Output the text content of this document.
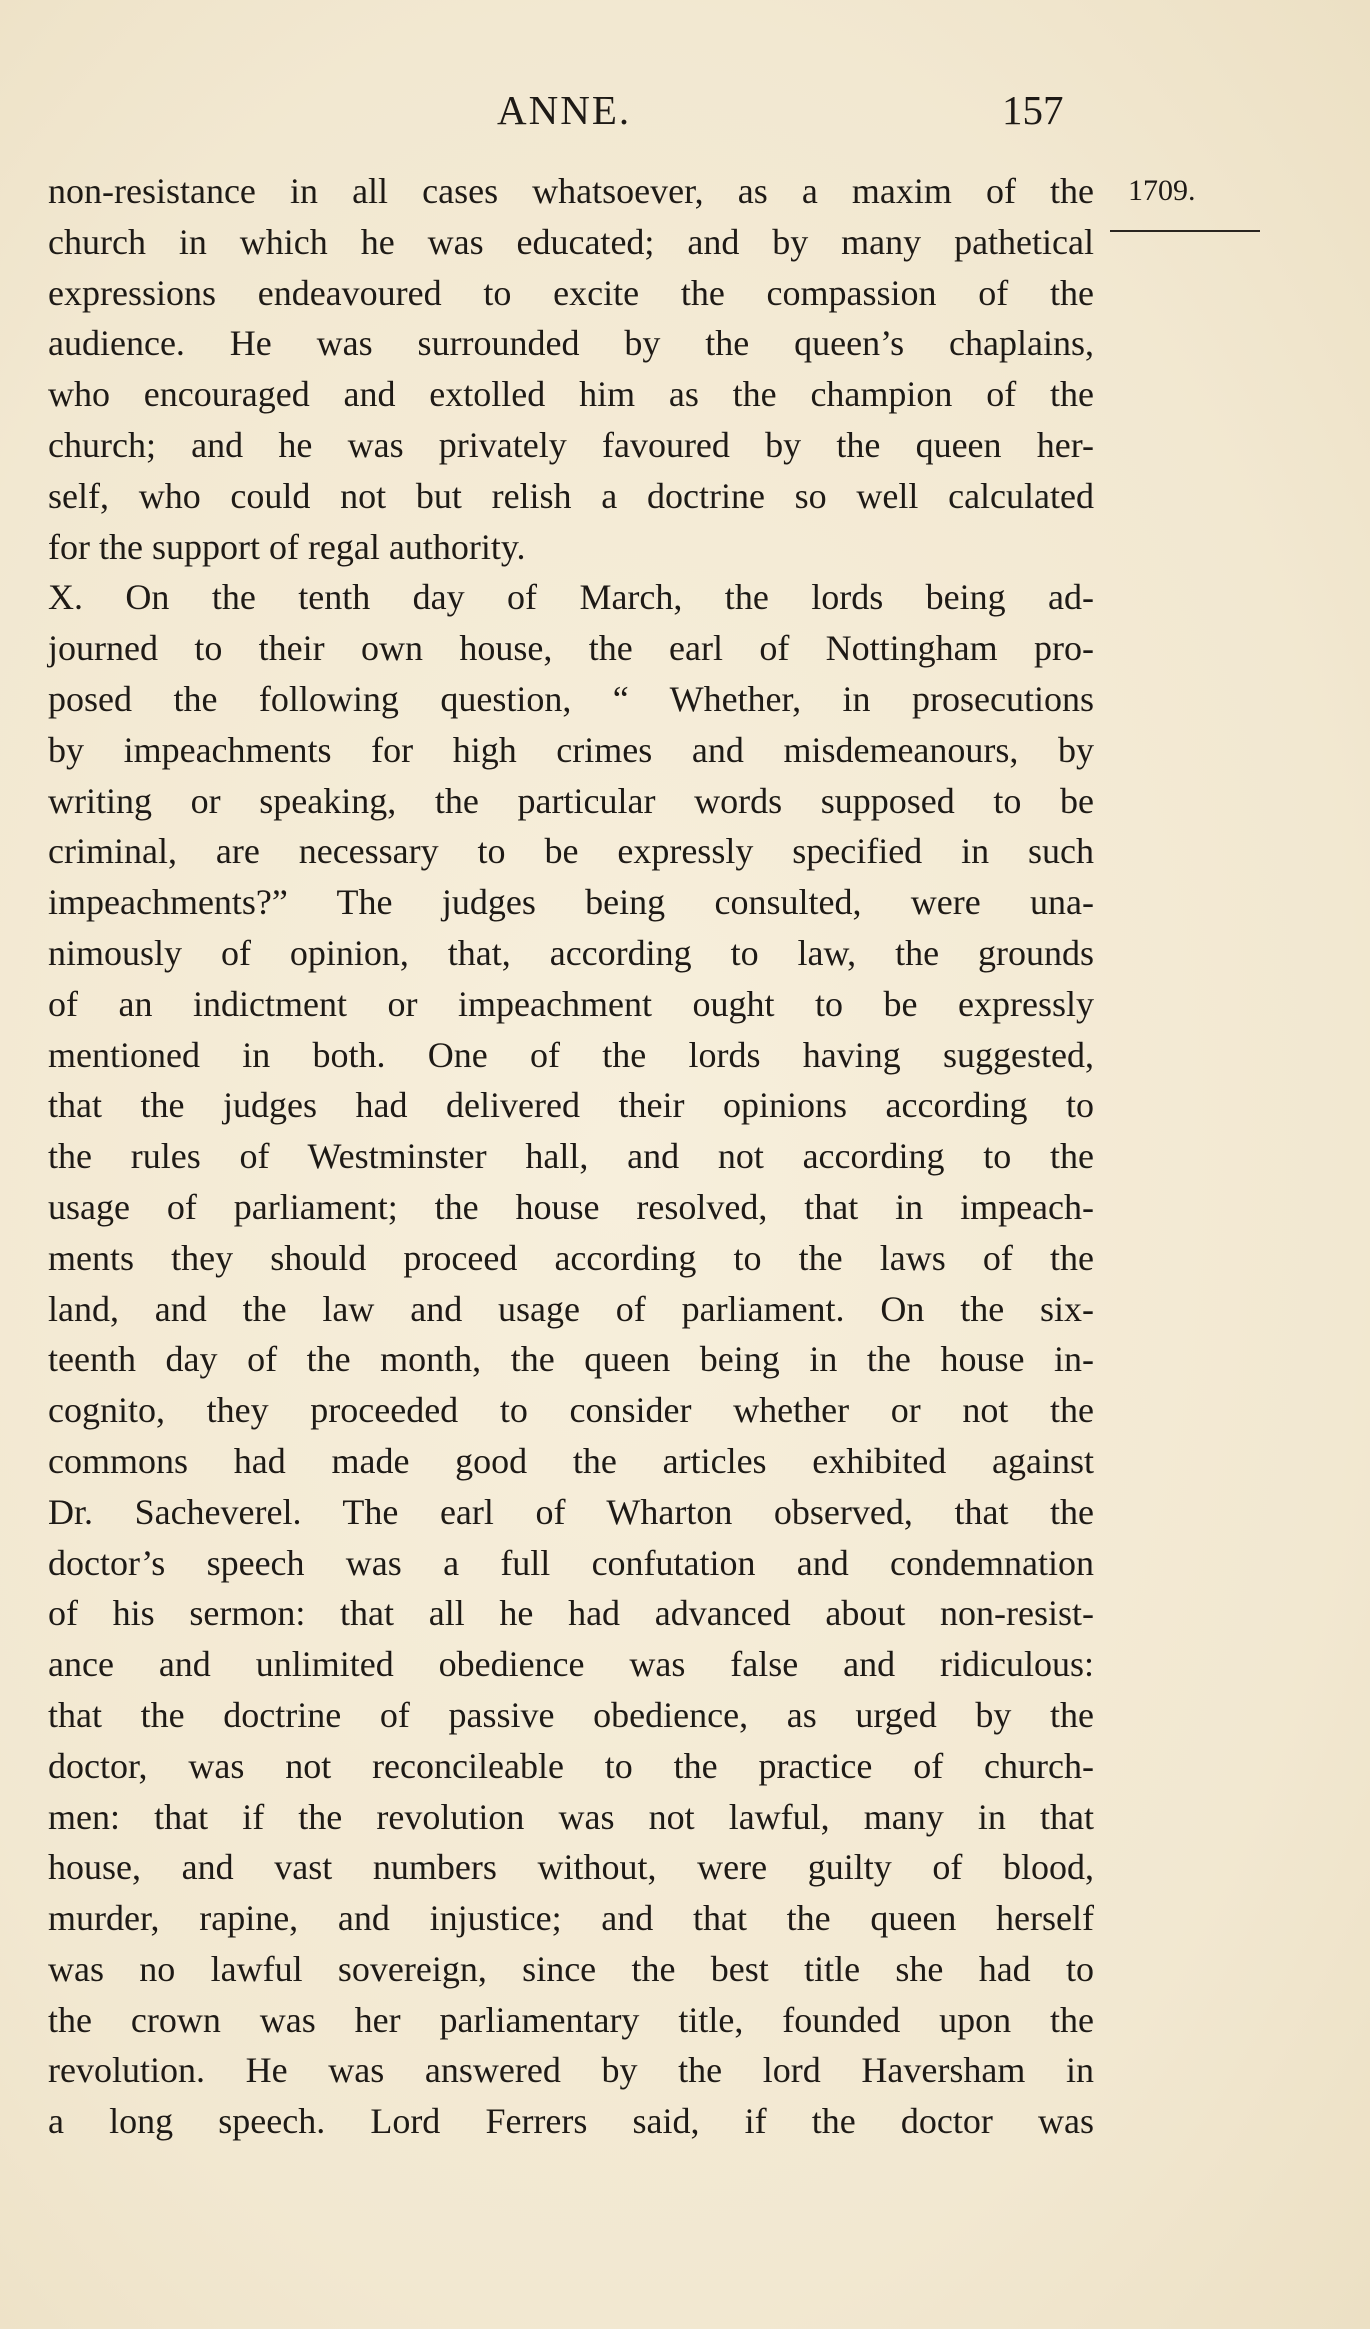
ANNE.	157
1709.
non-resistance in all cases whatsoever, as a maxim of the
church in which he was educated; and by many pathetical
expressions endeavoured to excite the compassion of the
audience. He was surrounded by the queen’s chaplains,
who encouraged and extolled him as the champion of the
church; and he was privately favoured by the queen her-
self, who could not but relish a doctrine so well calculated
for the support of regal authority.
X. On the tenth day of March, the lords being ad-
journed to their own house, the earl of Nottingham pro-
posed the following question, “ Whether, in prosecutions
by impeachments for high crimes and misdemeanours, by
writing or speaking, the particular words supposed to be
criminal, are necessary to be expressly specified in such
impeachments?” The judges being consulted, were una-
nimously of opinion, that, according to law, the grounds
of an indictment or impeachment ought to be expressly
mentioned in both. One of the lords having suggested,
that the judges had delivered their opinions according to
the rules of Westminster hall, and not according to the
usage of parliament; the house resolved, that in impeach-
ments they should proceed according to the laws of the
land, and the law and usage of parliament. On the six-
teenth day of the month, the queen being in the house in-
cognito, they proceeded to consider whether or not the
commons had made good the articles exhibited against
Dr. Sacheverel. The earl of Wharton observed, that the
doctor’s speech was a full confutation and condemnation
of his sermon: that all he had advanced about non-resist-
ance and unlimited obedience was false and ridiculous:
that the doctrine of passive obedience, as urged by the
doctor, was not reconcileable to the practice of church-
men: that if the revolution was not lawful, many in that
house, and vast numbers without, were guilty of blood,
murder, rapine, and injustice; and that the queen herself
was no lawful sovereign, since the best title she had to
the crown was her parliamentary title, founded upon the
revolution. He was answered by the lord Haversham in
a long speech. Lord Ferrers said, if the doctor was
